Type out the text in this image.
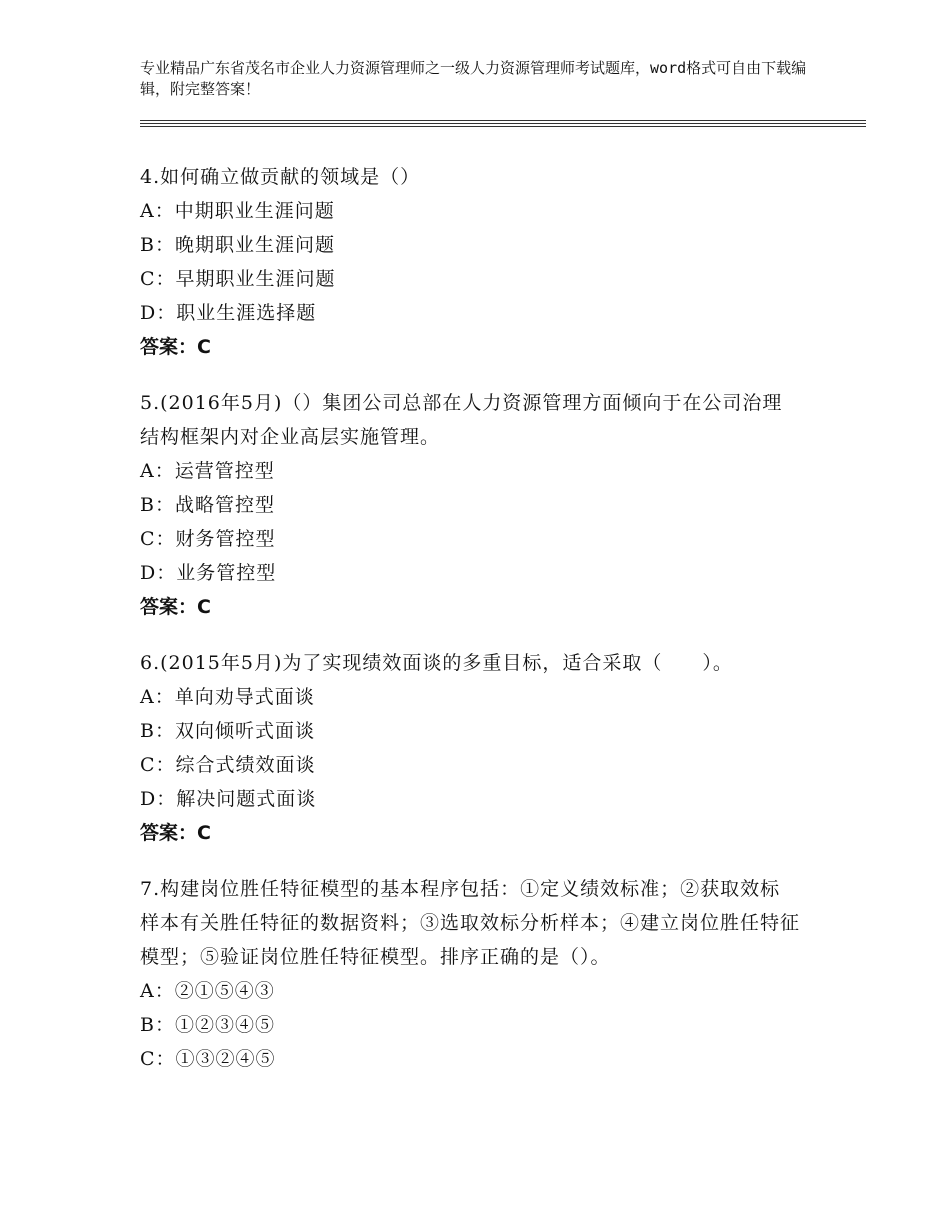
专业精品广东省茂名市企业人力资源管理师之一级人力资源管理师考试题库，word格式可自由下载编辑，附完整答案！
4.如何确立做贡献的领域是（）
A：中期职业生涯问题
B：晚期职业生涯问题
C：早期职业生涯问题
D：职业生涯选择题
答案：C
5.(2016年5月)（）集团公司总部在人力资源管理方面倾向于在公司治理结构框架内对企业高层实施管理。
A：运营管控型
B：战略管控型
C：财务管控型
D：业务管控型
答案：C
6.(2015年5月)为了实现绩效面谈的多重目标，适合采取（　　）。
A：单向劝导式面谈
B：双向倾听式面谈
C：综合式绩效面谈
D：解决问题式面谈
答案：C
7.构建岗位胜任特征模型的基本程序包括：①定义绩效标准；②获取效标样本有关胜任特征的数据资料；③选取效标分析样本；④建立岗位胜任特征模型；⑤验证岗位胜任特征模型。排序正确的是（）。
A：②①⑤④③
B：①②③④⑤
C：①③②④⑤
